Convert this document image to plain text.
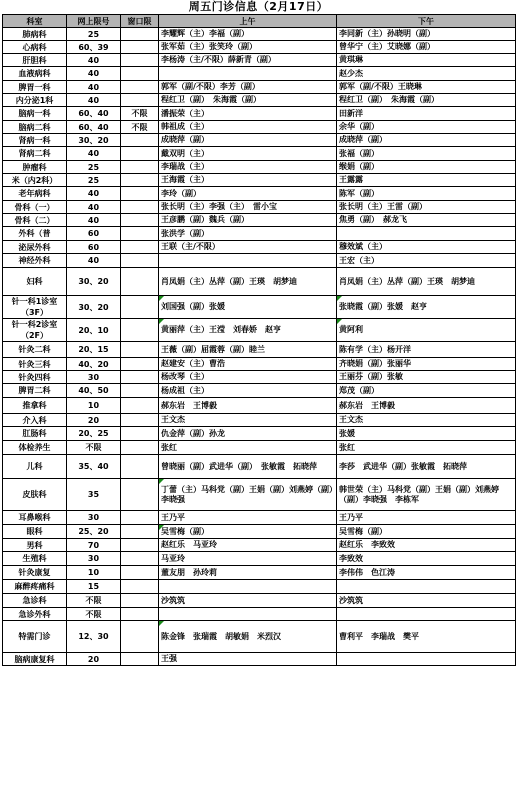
周五门诊信息（2月17日）
科室	网上限号	窗口限	上午	下午
肺病科	25		李耀辉（主）李福（副）	李同新（主）孙晓明（副）
心病科	60、39		张军茹（主）张笑玲（副）	曾华宁（主）艾晓娜（副）
肝胆科	40		李杨涛（主/不限）薛新青（副）	黄琪琳
血液病科	40			赵少杰
脾胃一科	40		郭军（副/不限）李芳（副）	郭军（副/不限）王晓琳
内分泌1科	40		程红卫（副）　朱海霞（副）	程红卫（副）　朱海霞（副）
脑病一科	60、40	不限	潘振荣（主）	田新洋
脑病二科	60、40	不限	韩祖成（主）	余华（副）
肾病一科	30、20		成晓萍（副）	成晓萍（副）
肾病二科	40		戴双明（主）	张福（副）
肿瘤科	25		李瑞战（主）	缑娟（副）
米（内2科）	25		王海霞（主）	王露露
老年病科	40		李玲（副）	陈军（副）
骨科（一）	40		张长明（主）李强（主）　雷小宝	张长明（主）王雷（副）
骨科（二）	40		王彦鹏（副）魏兵（副）	焦勇（副）　郝龙飞
外科（普	60		张洪学（副）	
泌尿外科	60		王联（主/不限）	穆效斌（主）
神经外科	40			王宏（主）
妇科	30、20		肖凤娟（主）丛萍（副）王瑛　胡梦迪	肖凤娟（主）丛萍（副）王瑛　胡梦迪
针一科1诊室（3F）	30、20		刘国强（副）张媛	张晓霞（副）张媛　赵亨
针一科2诊室（2F）	20、10		黄丽萍（主）王滢　刘春娇　赵亨	黄阿利
针灸二科	20、15		王薇（副）屈霞蓉（副）睦兰	陈有学（主）杨开洋
针灸三科	40、20		赵建安（主）曹浩	齐晓娟（副）张丽华
针灸四科	30		杨改琴（主）	王丽芬（副）张敏
脾胃二科	40、50		杨成祖（主）	郑茂（副）
推拿科	10		郝东岩　王博毅	郝东岩　王博毅
介入科	20		王文杰	王文杰
肛肠科	20、25		仇金萍（副）孙龙	张媛
体检养生	不限		张红	张红
儿科	35、40		曾晓丽（副）武进华（副）　张敏霞　拓晓萍	李莎　武进华（副）张敏霞　拓晓萍
皮肤科	35		丁蕾（主）马科党（副）王娟（副）刘燕婷（副）李晓强	韩世荣（主）马科党（副）王娟（副）刘燕婷（副）李晓强　李栋军
耳鼻喉科	30		王乃平	王乃平
眼科	25、20		吴雪梅（副）	吴雪梅（副）
男科	70		赵红乐　马亚玲	赵红乐　李致效
生殖科	30		马亚玲	李致效
针灸康复	10		董友朋　孙玲莉	李伟伟　色江涛
麻醉疼痛科	15			
急诊科	不限		沙筑筑	沙筑筑
急诊外科	不限			
特需门诊	12、30		陈金锋　张瑞霞　胡敏娟　米烈汉	曹利平　李瑞战　樊平
脑病康复科	20		王强	
